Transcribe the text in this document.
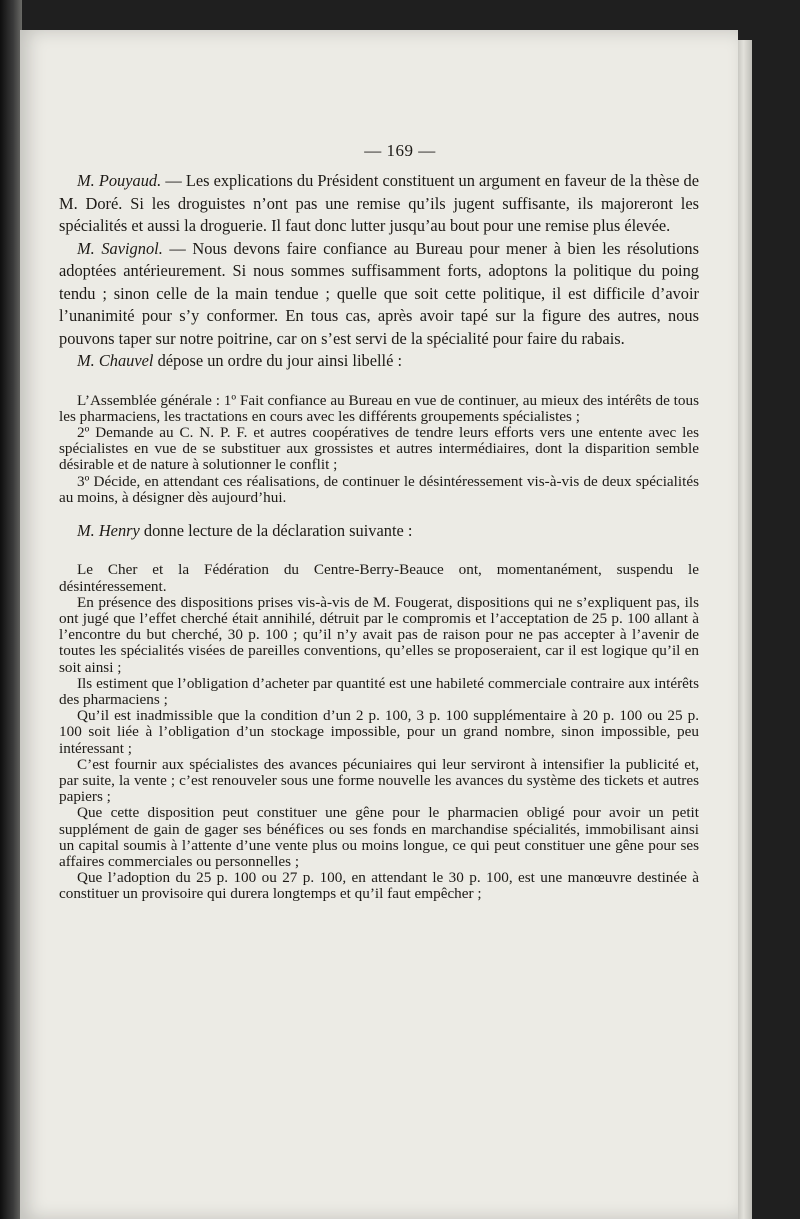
— 169 —

M. Pouyaud. — Les explications du Président constituent un argument en faveur de la thèse de M. Doré. Si les droguistes n’ont pas une remise qu’ils jugent suffisante, ils majoreront les spécialités et aussi la droguerie. Il faut donc lutter jusqu’au bout pour une remise plus élevée.

M. Savignol. — Nous devons faire confiance au Bureau pour mener à bien les résolutions adoptées antérieurement. Si nous sommes suffisamment forts, adoptons la politique du poing tendu ; sinon celle de la main tendue ; quelle que soit cette politique, il est difficile d’avoir l’unanimité pour s’y conformer. En tous cas, après avoir tapé sur la figure des autres, nous pouvons taper sur notre poitrine, car on s’est servi de la spécialité pour faire du rabais.

M. Chauvel dépose un ordre du jour ainsi libellé :

L’Assemblée générale : 1º Fait confiance au Bureau en vue de continuer, au mieux des intérêts de tous les pharmaciens, les tractations en cours avec les différents groupements spécialistes ;

2º Demande au C. N. P. F. et autres coopératives de tendre leurs efforts vers une entente avec les spécialistes en vue de se substituer aux grossistes et autres intermédiaires, dont la disparition semble désirable et de nature à solutionner le conflit ;

3º Décide, en attendant ces réalisations, de continuer le désintéressement vis-à-vis de deux spécialités au moins, à désigner dès aujourd’hui.

M. Henry donne lecture de la déclaration suivante :

Le Cher et la Fédération du Centre-Berry-Beauce ont, momentanément, suspendu le désintéressement.

En présence des dispositions prises vis-à-vis de M. Fougerat, dispositions qui ne s’expliquent pas, ils ont jugé que l’effet cherché était annihilé, détruit par le compromis et l’acceptation de 25 p. 100 allant à l’encontre du but cherché, 30 p. 100 ; qu’il n’y avait pas de raison pour ne pas accepter à l’avenir de toutes les spécialités visées de pareilles conventions, qu’elles se proposeraient, car il est logique qu’il en soit ainsi ;

Ils estiment que l’obligation d’acheter par quantité est une habileté commerciale contraire aux intérêts des pharmaciens ;

Qu’il est inadmissible que la condition d’un 2 p. 100, 3 p. 100 supplémentaire à 20 p. 100 ou 25 p. 100 soit liée à l’obligation d’un stockage impossible, pour un grand nombre, sinon impossible, peu intéressant ;

C’est fournir aux spécialistes des avances pécuniaires qui leur serviront à intensifier la publicité et, par suite, la vente ; c’est renouveler sous une forme nouvelle les avances du système des tickets et autres papiers ;

Que cette disposition peut constituer une gêne pour le pharmacien obligé pour avoir un petit supplément de gain de gager ses bénéfices ou ses fonds en marchandise spécialités, immobilisant ainsi un capital soumis à l’attente d’une vente plus ou moins longue, ce qui peut constituer une gêne pour ses affaires commerciales ou personnelles ;

Que l’adoption du 25 p. 100 ou 27 p. 100, en attendant le 30 p. 100, est une manœuvre destinée à constituer un provisoire qui durera longtemps et qu’il faut empêcher ;
